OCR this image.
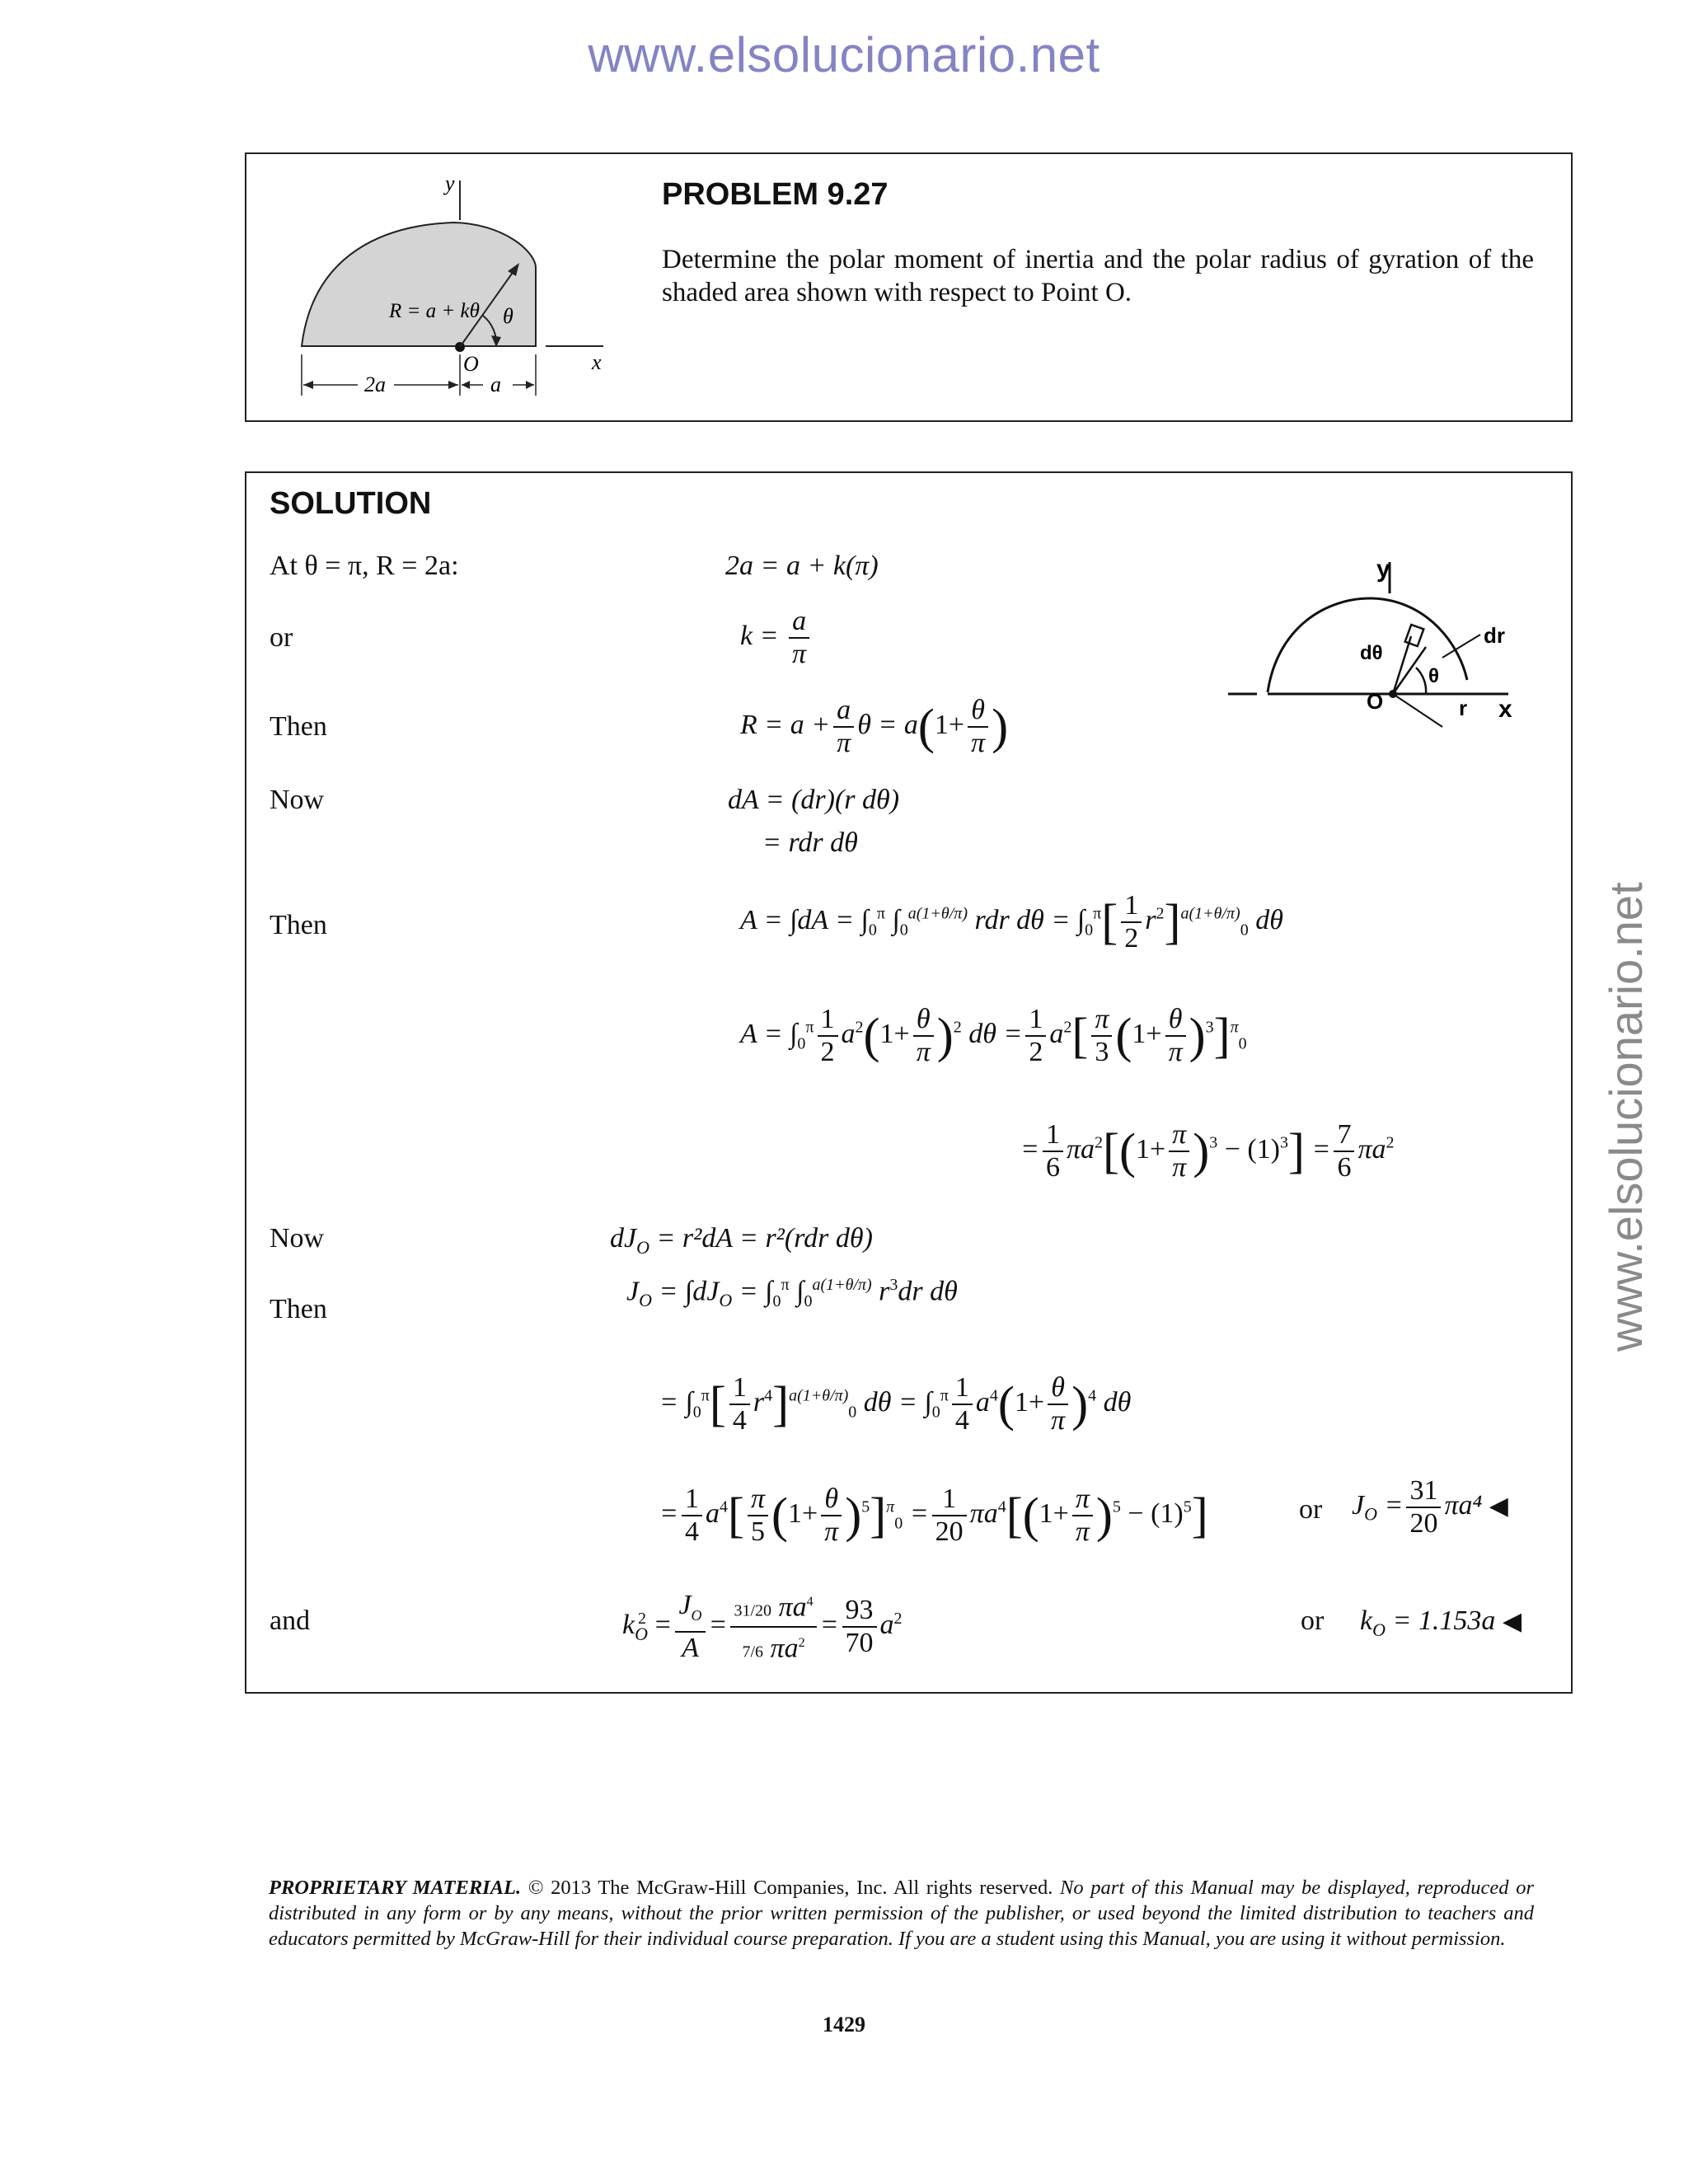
www.elsolucionario.net
www.elsolucionario.net
y
x
O
θ
R = a + kθ
2a	a
PROBLEM 9.27
Determine the polar moment of inertia and the polar radius of gyration of the shaded area shown with respect to Point O.
SOLUTION
At θ = π, R = 2a:
or
Then
Now
Then
Now
Then
and
2a = a + k(π)
$k = \frac{a}{\pi}$
$R = a + \frac{a}{\pi}$ $\theta = a(1+ \frac{\theta}{\pi}$ )
dA = (dr)(r dθ)
= rdr dθ
$A = \int dA = \int_0^\pi$ $\int_0^{a(1+\theta/\pi)}$ rdr $d\theta = \int_0^\pi[ \frac{1}{2} r^2]^{a(1+\theta/\pi)}_0$ dθ
$A = \int_0^\pi \frac{1}{2} a^2(1+ \frac{\theta}{\pi} )^2$ $d\theta = \frac{1}{2} a^2[ \frac{\pi}{3} (1+ \frac{\theta}{\pi} )^3]^\pi_0$
= $\frac{1}{6} \pi a^2[(1+ \frac{\pi}{\pi} )^3 - (1)^3] = \frac{7}{6} \pi a^2$
$dJ_O = r^2dA = r^2(rdr$ dθ)
$J_O = \int dJ_O = \int_0^\pi$ $\int_0^{a(1+\theta/\pi)}$ $r^3dr$ dθ
= $\int_0^\pi[ \frac{1}{4} r^4]^{a(1+\theta/\pi)}_0$ $d\theta = \int_0^\pi \frac{1}{4} a^4(1+ \frac{\theta}{\pi} )^4$ dθ
= $\frac{1}{4} a^4[ \frac{\pi}{5} (1+ \frac{\theta}{\pi} )^5]^\pi_0 = \frac{1}{20} \pi a^4[(1+ \frac{\pi}{\pi} )^5 - (1)^5]$	or $J_O = \frac{31}{20} \pi a^4$ ◀
$k_O^2 = \frac{J_O}{A} = \frac{31/20 \pi a^4}{7/6 \pi a^2} = \frac{93}{70} a^2$	or $k_O = 1.153a$ ◀
y
x
O
θ
dθ
dr
r
PROPRIETARY MATERIAL. © 2013 The McGraw-Hill Companies, Inc. All rights reserved. No part of this Manual may be displayed, reproduced or distributed in any form or by any means, without the prior written permission of the publisher, or used beyond the limited distribution to teachers and educators permitted by McGraw-Hill for their individual course preparation. If you are a student using this Manual, you are using it without permission.
1429
